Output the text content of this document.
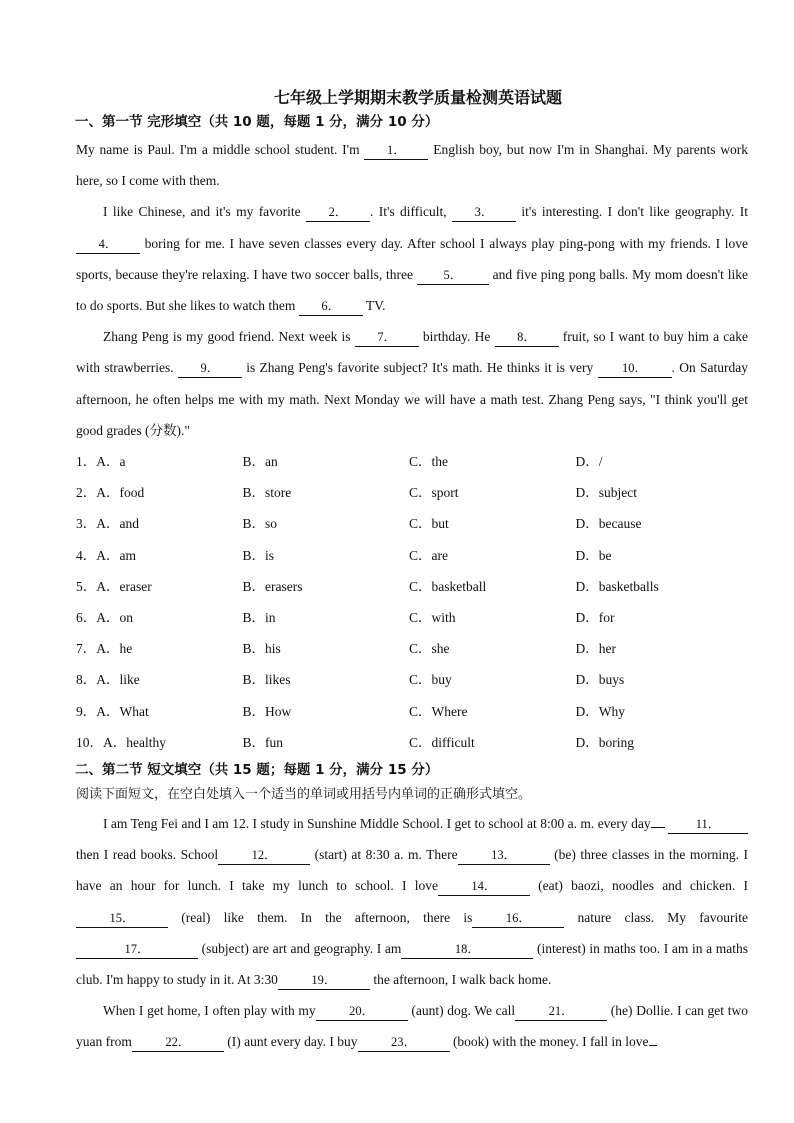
七年级上学期期末教学质量检测英语试题
一、第一节 完形填空（共 10 题，每题 1 分，满分 10 分）

My name is Paul. I'm a middle school student. I'm 1． English boy, but now I'm in Shanghai. My parents work here, so I come with them.

I like Chinese, and it's my favorite 2． . It's difficult, 3． it's interesting. I don't like geography. It 4． boring for me. I have seven classes every day. After school I always play ping-pong with my friends. I love sports, because they're relaxing. I have two soccer balls, three 5． and five ping pong balls. My mom doesn't like to do sports. But she likes to watch them 6． TV.

Zhang Peng is my good friend. Next week is 7． birthday. He 8． fruit, so I want to buy him a cake with strawberries. 9． is Zhang Peng's favorite subject? It's math. He thinks it is very 10． . On Saturday afternoon, he often helps me with my math. Next Monday we will have a math test. Zhang Peng says, "I think you'll get good grades (分数)."

1．A．a	B．an	C．the	D．/
2．A．food	B．store	C．sport	D．subject
3．A．and	B．so	C．but	D．because
4．A．am	B．is	C．are	D．be
5．A．eraser	B．erasers	C．basketball	D．basketballs
6．A．on	B．in	C．with	D．for
7．A．he	B．his	C．she	D．her
8．A．like	B．likes	C．buy	D．buys
9．A．What	B．How	C．Where	D．Why
10．A．healthy	B．fun	C．difficult	D．boring
二、第二节 短文填空（共 15 题；每题 1 分，满分 15 分）
阅读下面短文，在空白处填入一个适当的单词或用括号内单词的正确形式填空。

I am Teng Fei and I am 12. I study in Sunshine Middle School. I get to school at 8:00 a. m. every day	11． then I read books. School	12． (start) at 8:30 a. m. There	13． (be) three classes in the morning. I have an hour for lunch. I take my lunch to school. I love	14． (eat) baozi, noodles and chicken. I15． (real) like them. In the afternoon, there is	16． nature class. My favourite17．	(subject) are art and geography. I am	18．	(interest) in maths too. I am in a maths club. I'm happy to study in it. At 3:30	19． the afternoon, I walk back home.

When I get home, I often play with my	20． (aunt) dog. We call	21． (he) Dollie. I can get two yuan from	22． (I) aunt every day. I buy	23． (book) with the money. I fall in love
